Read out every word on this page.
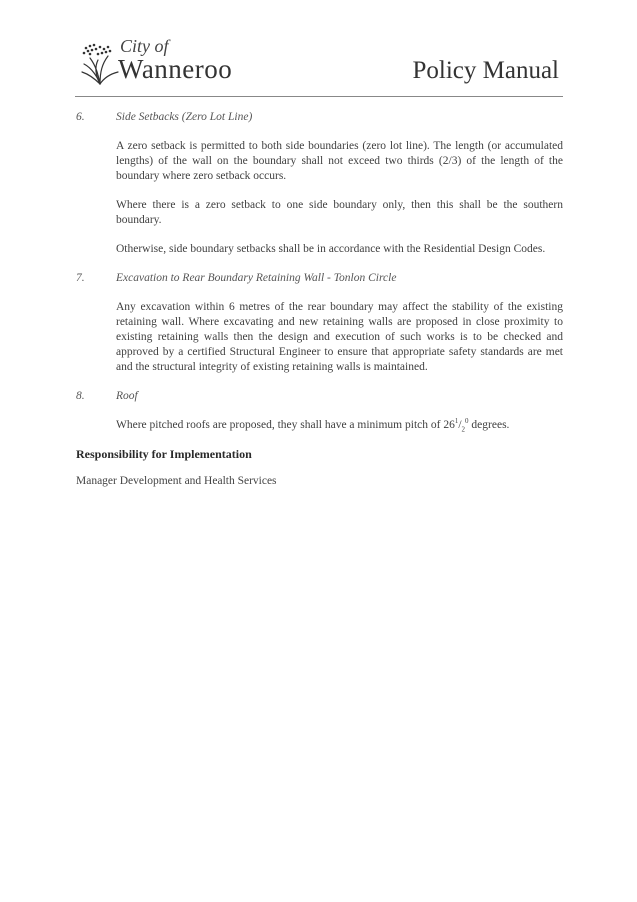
City of
Wanneroo	Policy Manual
6.	Side Setbacks (Zero Lot Line)

A zero setback is permitted to both side boundaries (zero lot line). The length (or accumulated lengths) of the wall on the boundary shall not exceed two thirds (2/3) of the length of the boundary where zero setback occurs.

Where there is a zero setback to one side boundary only, then this shall be the southern boundary.

Otherwise, side boundary setbacks shall be in accordance with the Residential Design Codes.

7.	Excavation to Rear Boundary Retaining Wall - Tonlon Circle

Any excavation within 6 metres of the rear boundary may affect the stability of the existing retaining wall. Where excavating and new retaining walls are proposed in close proximity to existing retaining walls then the design and execution of such works is to be checked and approved by a certified Structural Engineer to ensure that appropriate safety standards are met and the structural integrity of existing retaining walls is maintained.

8.	Roof

Where pitched roofs are proposed, they shall have a minimum pitch of $26^1/_2^0$ degrees.

Responsibility for Implementation
Manager Development and Health Services
